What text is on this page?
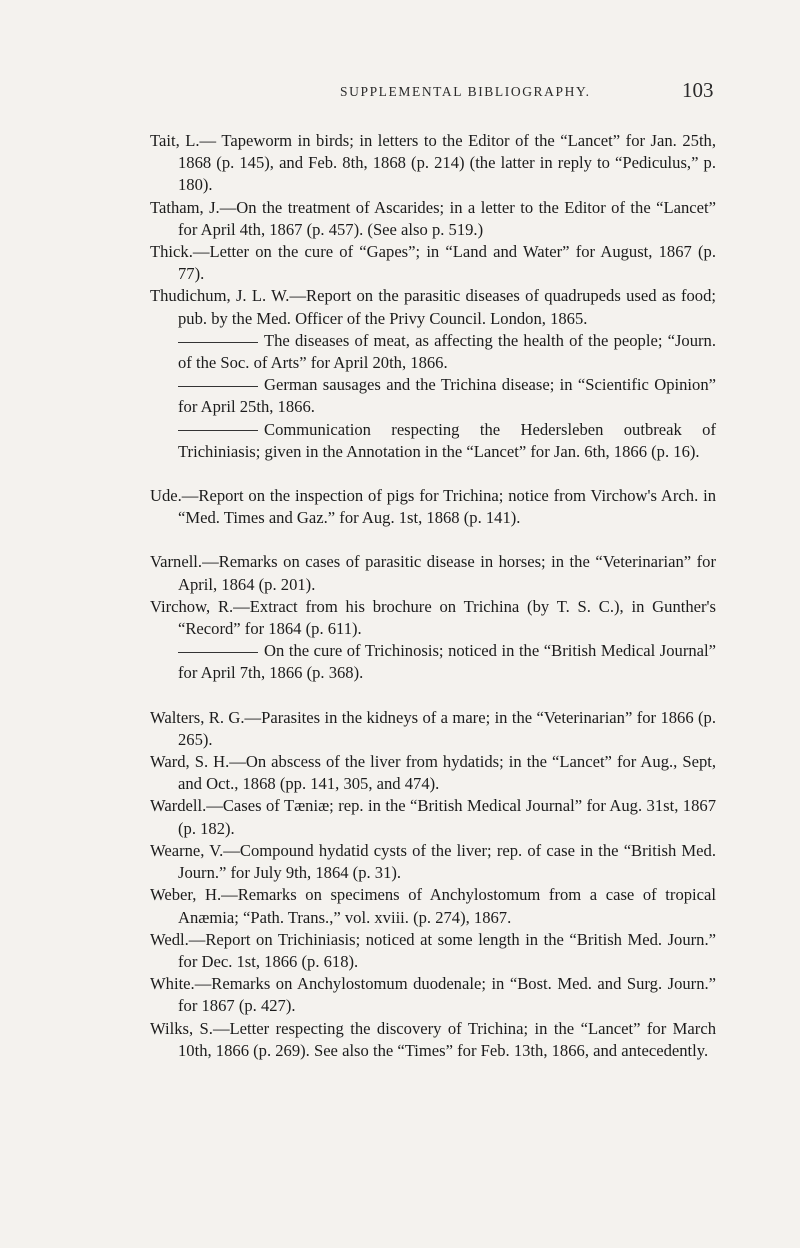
SUPPLEMENTAL BIBLIOGRAPHY.	103

Tait, L.— Tapeworm in birds; in letters to the Editor of the “Lancet” for Jan. 25th, 1868 (p. 145), and Feb. 8th, 1868 (p. 214) (the latter in reply to “Pediculus,” p. 180).

Tatham, J.—On the treatment of Ascarides; in a letter to the Editor of the “Lancet” for April 4th, 1867 (p. 457). (See also p. 519.)

Thick.—Letter on the cure of “Gapes”; in “Land and Water” for August, 1867 (p. 77).

Thudichum, J. L. W.—Report on the parasitic diseases of quadrupeds used as food; pub. by the Med. Officer of the Privy Council. London, 1865.

The diseases of meat, as affecting the health of the people; “Journ. of the Soc. of Arts” for April 20th, 1866.

German sausages and the Trichina disease; in “Scientific Opinion” for April 25th, 1866.

Communication respecting the Hedersleben outbreak of Trichiniasis; given in the Annotation in the “Lancet” for Jan. 6th, 1866 (p. 16).

Ude.—Report on the inspection of pigs for Trichina; notice from Virchow's Arch. in “Med. Times and Gaz.” for Aug. 1st, 1868 (p. 141).

Varnell.—Remarks on cases of parasitic disease in horses; in the “Veterinarian” for April, 1864 (p. 201).

Virchow, R.—Extract from his brochure on Trichina (by T. S. C.), in Gunther's “Record” for 1864 (p. 611).

On the cure of Trichinosis; noticed in the “British Medical Journal” for April 7th, 1866 (p. 368).

Walters, R. G.—Parasites in the kidneys of a mare; in the “Veterinarian” for 1866 (p. 265).

Ward, S. H.—On abscess of the liver from hydatids; in the “Lancet” for Aug., Sept, and Oct., 1868 (pp. 141, 305, and 474).

Wardell.—Cases of Tæniæ; rep. in the “British Medical Journal” for Aug. 31st, 1867 (p. 182).

Wearne, V.—Compound hydatid cysts of the liver; rep. of case in the “British Med. Journ.” for July 9th, 1864 (p. 31).

Weber, H.—Remarks on specimens of Anchylostomum from a case of tropical Anæmia; “Path. Trans.,” vol. xviii. (p. 274), 1867.

Wedl.—Report on Trichiniasis; noticed at some length in the “British Med. Journ.” for Dec. 1st, 1866 (p. 618).

White.—Remarks on Anchylostomum duodenale; in “Bost. Med. and Surg. Journ.” for 1867 (p. 427).

Wilks, S.—Letter respecting the discovery of Trichina; in the “Lancet” for March 10th, 1866 (p. 269). See also the “Times” for Feb. 13th, 1866, and antecedently.
